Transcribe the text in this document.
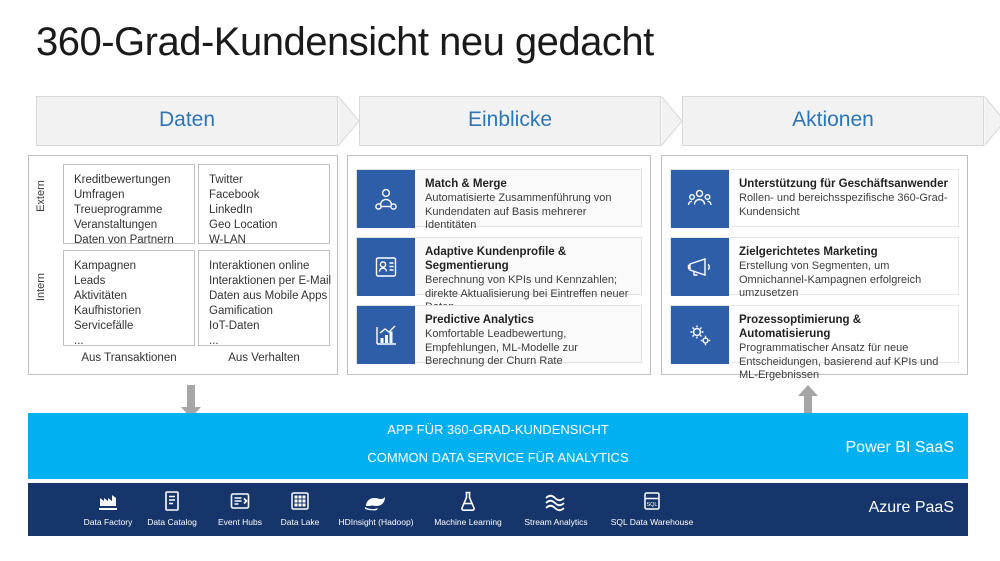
360-Grad-Kundensicht neu gedacht
Daten	Einblicke	Aktionen
Extern
Intern
Kreditbewertungen
Umfragen
Treueprogramme
Veranstaltungen
Daten von Partnern
Twitter
Facebook
LinkedIn
Geo Location
W-LAN
Kampagnen
Leads
Aktivitäten
Kaufhistorien
Servicefälle
...
Interaktionen online
Interaktionen per E-Mail
Daten aus Mobile Apps
Gamification
IoT-Daten
...
Aus Transaktionen	Aus Verhalten
Match & Merge
Automatisierte Zusammenführung von Kundendaten auf Basis mehrerer Identitäten
Adaptive Kundenprofile & Segmentierung
Berechnung von KPIs und Kennzahlen; direkte Aktualisierung bei Eintreffen neuer
Predictive Analytics
Komfortable Leadbewertung, Empfehlungen, ML-Modelle zur Berechnung der Churn Rate
Unterstützung für Geschäftsanwender
Rollen- und bereichsspezifische 360-Grad-Kundensicht
Zielgerichtetes Marketing
Erstellung von Segmenten, um Omnichannel-Kampagnen erfolgreich umzusetzen
Prozessoptimierung & Automatisierung
Programmatischer Ansatz für neue Entscheidungen, basierend auf KPIs und ML-Ergebnissen
APP FÜR 360-GRAD-KUNDENSICHT
COMMON DATA SERVICE FÜR ANALYTICS
Power BI SaaS
Data Factory	Data Catalog	Event Hubs	Data Lake	HDInsight (Hadoop)	Machine Learning	Stream Analytics
SQL
SQL Data Warehouse
Azure PaaS
